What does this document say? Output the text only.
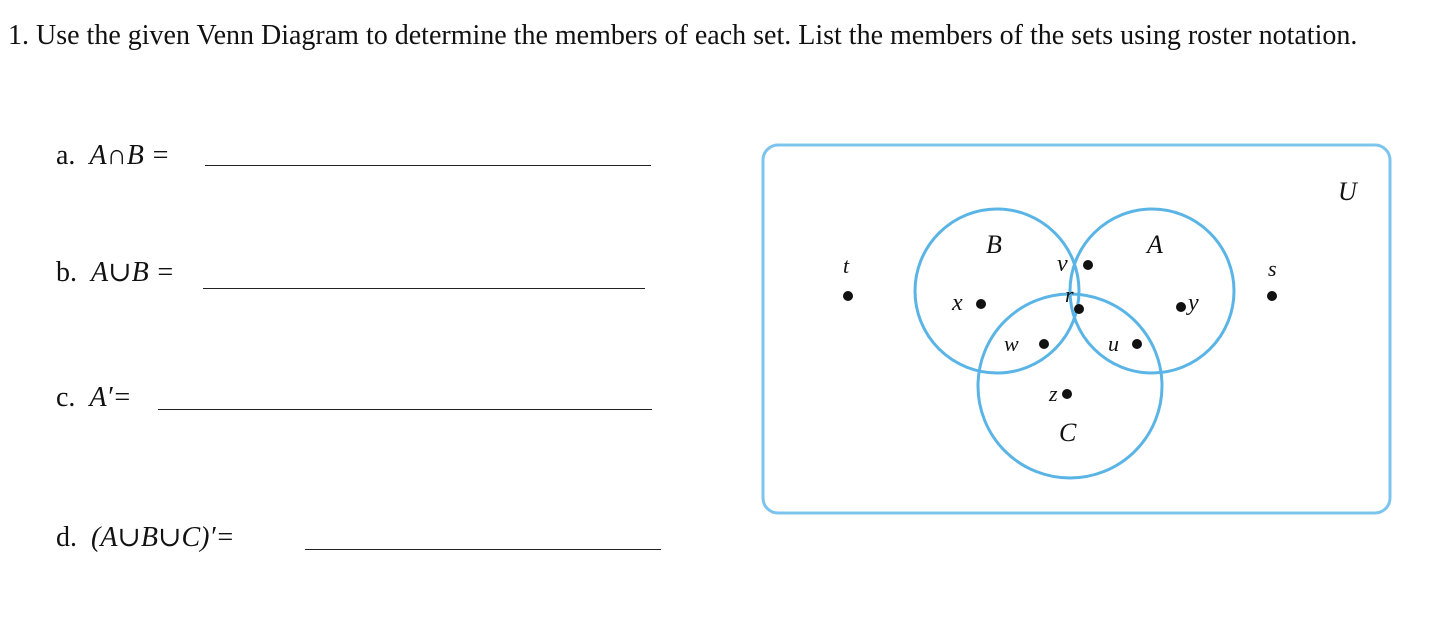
1. Use the given Venn Diagram to determine the members of each set. List the members of the sets using roster notation.
a. A∩B =
b. A∪B =
c. A′=
d. (A∪B∪C)′=
U
B	A
C
t	s
x
v
r
w	u
y
z
